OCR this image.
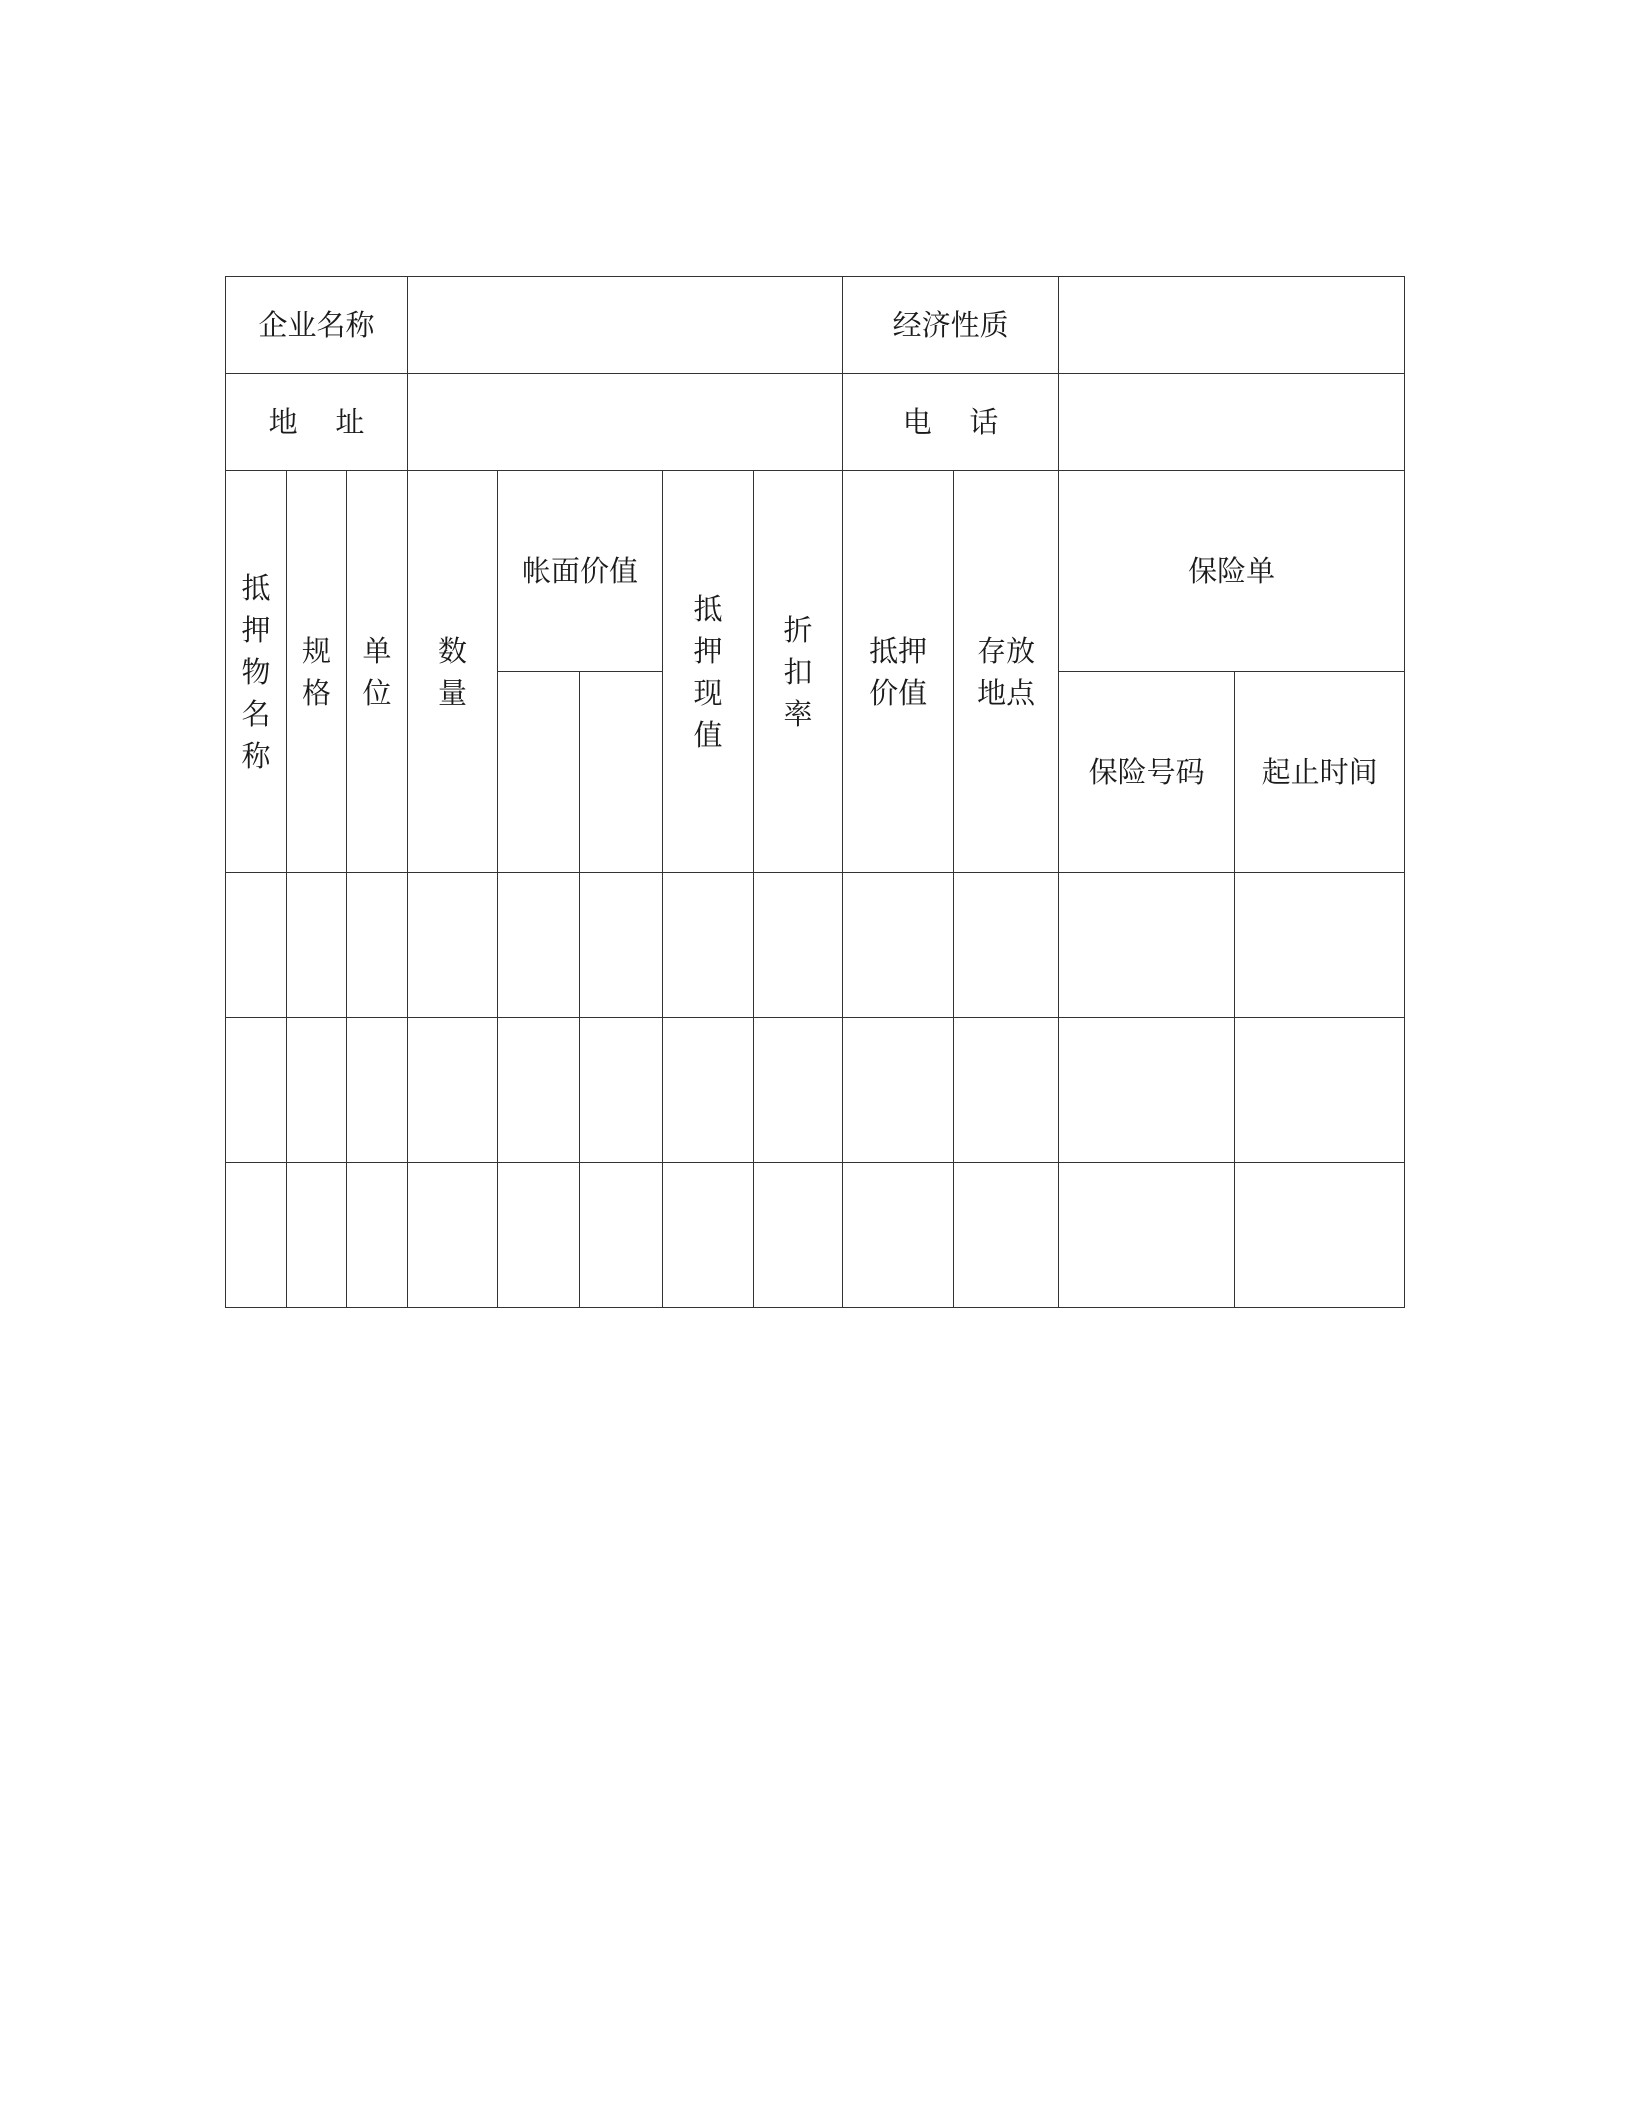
企业名称								经济性质			
地 址								电 话			
抵押物名称	规格	单位	数量	帐面价值		抵押现值	折扣率	抵押价值	存放地点	保险单	
										保险号码	起止时间
